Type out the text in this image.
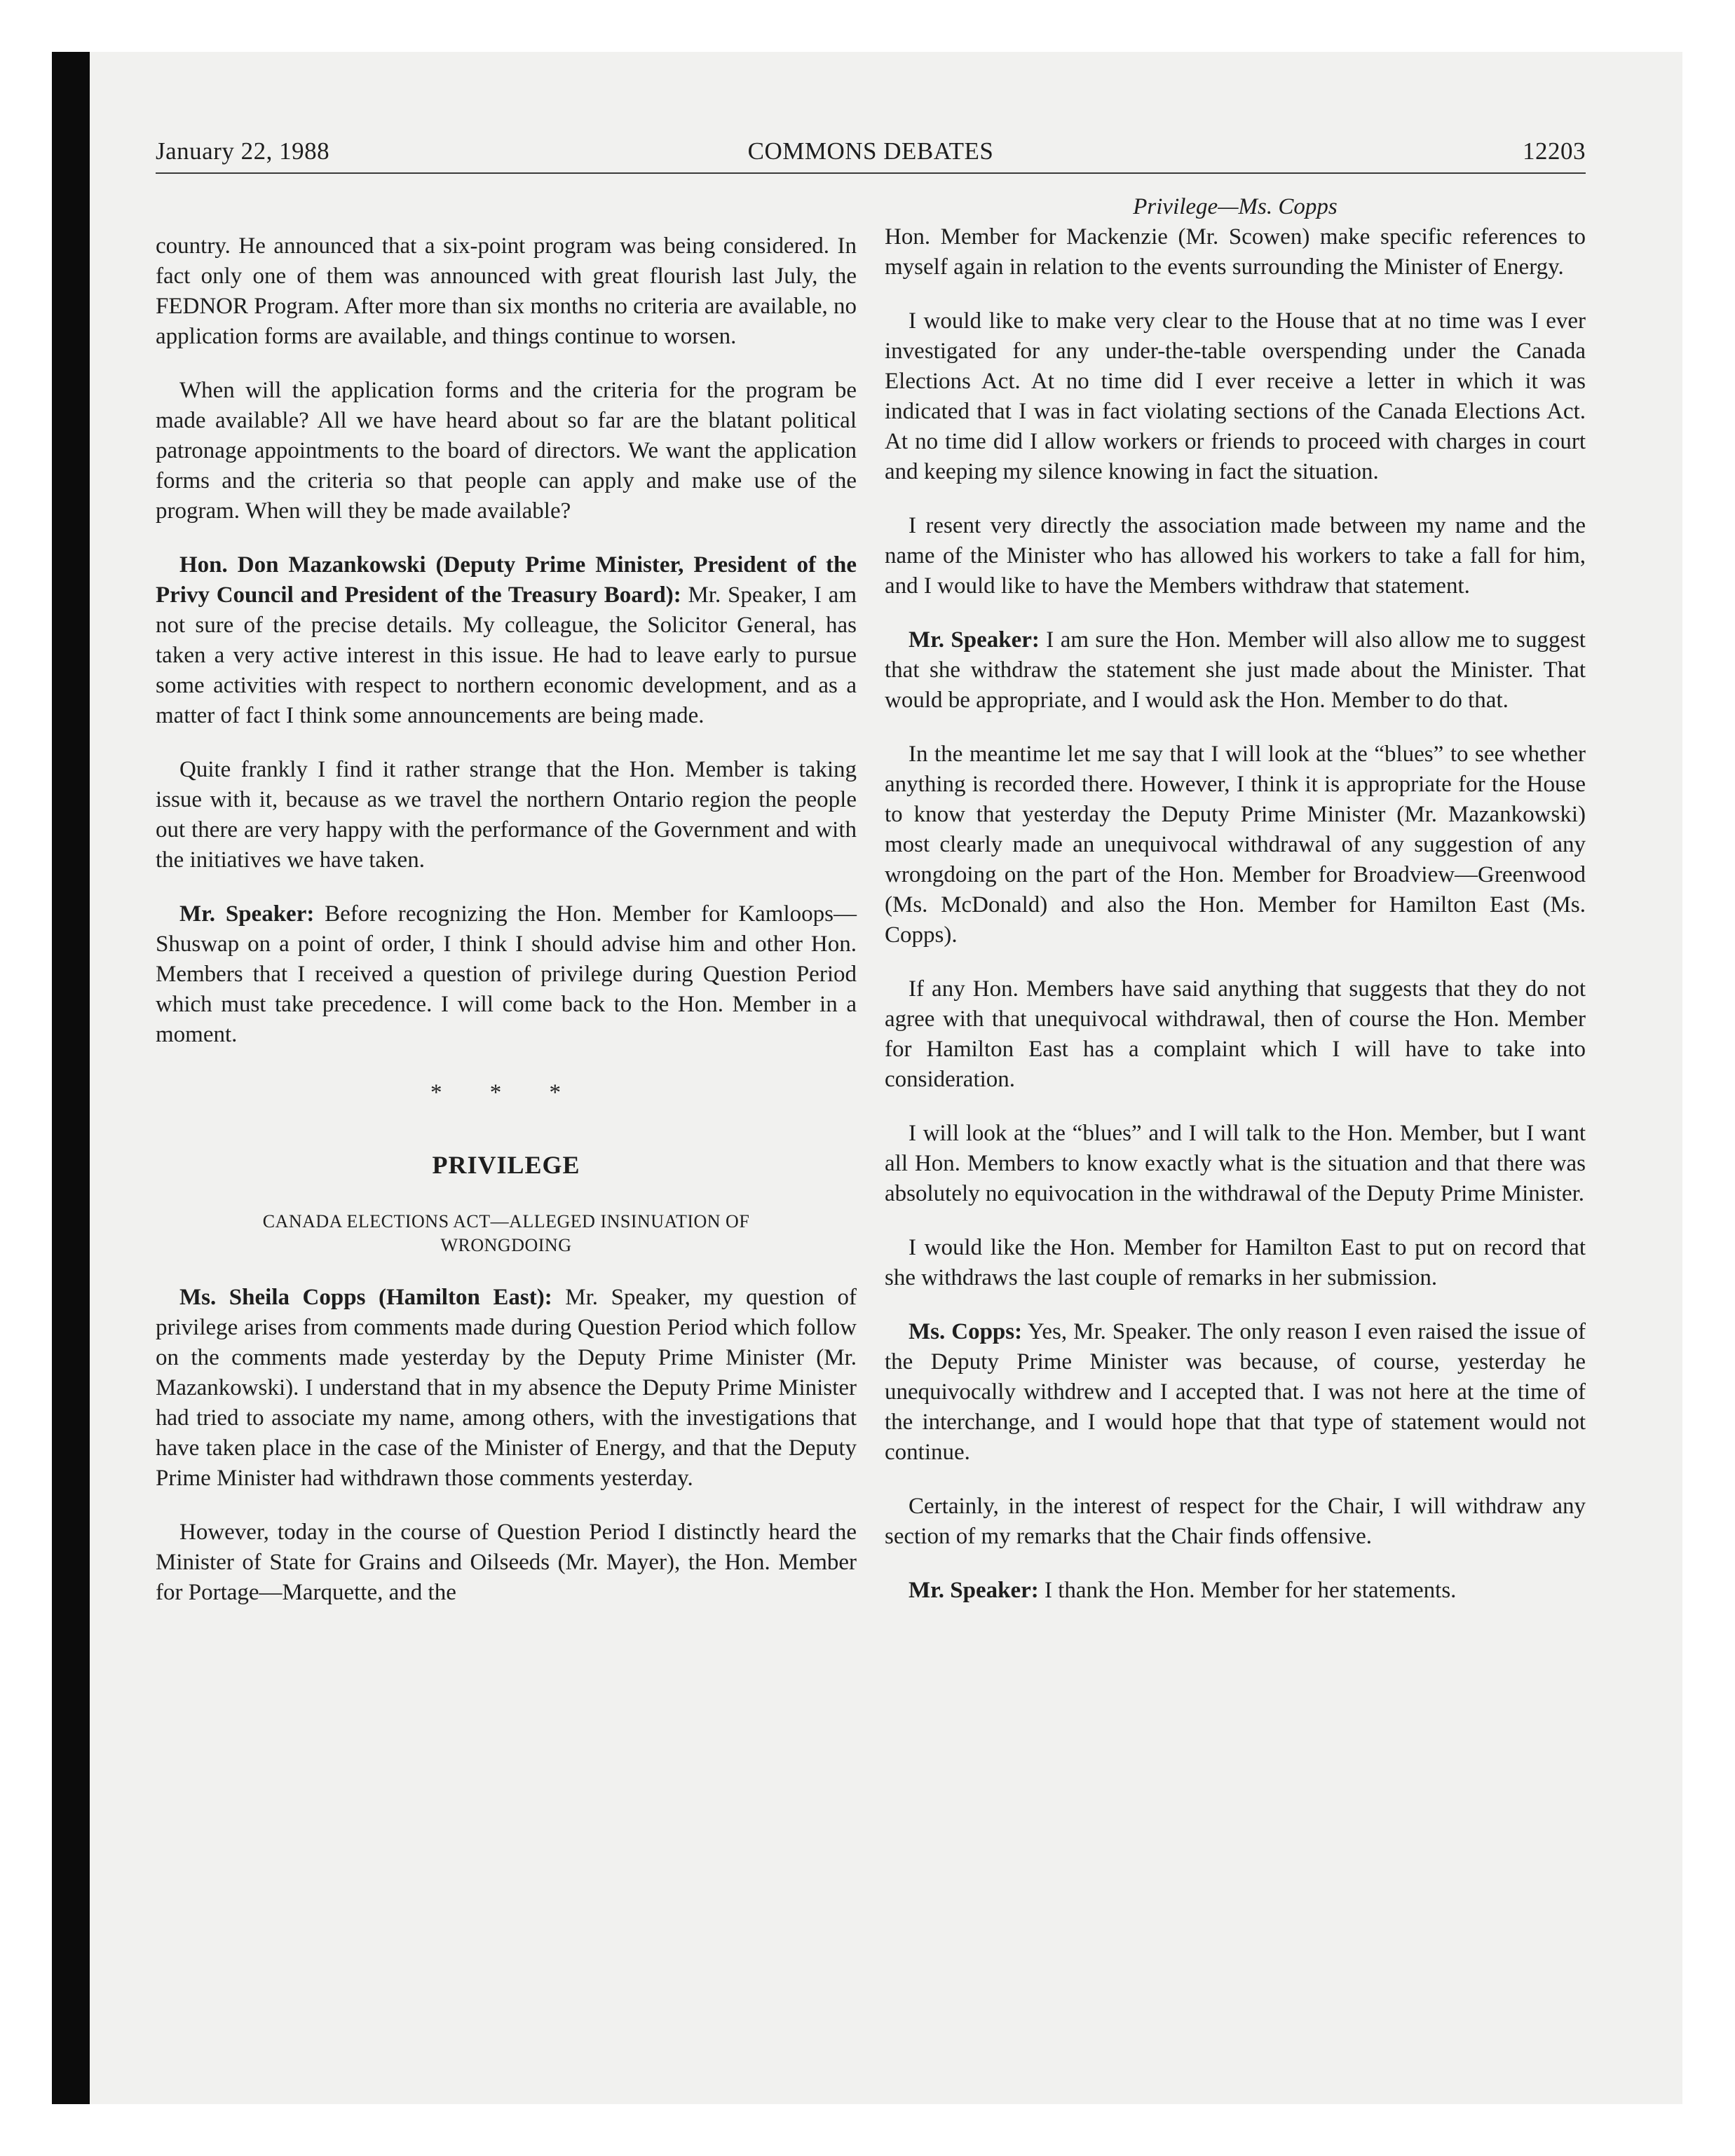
January 22, 1988	COMMONS DEBATES	12203

country. He announced that a six-point program was being considered. In fact only one of them was announced with great flourish last July, the FEDNOR Program. After more than six months no criteria are available, no application forms are available, and things continue to worsen.

When will the application forms and the criteria for the program be made available? All we have heard about so far are the blatant political patronage appointments to the board of directors. We want the application forms and the criteria so that people can apply and make use of the program. When will they be made available?

Hon. Don Mazankowski (Deputy Prime Minister, President of the Privy Council and President of the Treasury Board): Mr. Speaker, I am not sure of the precise details. My colleague, the Solicitor General, has taken a very active interest in this issue. He had to leave early to pursue some activities with respect to northern economic development, and as a matter of fact I think some announcements are being made.

Quite frankly I find it rather strange that the Hon. Member is taking issue with it, because as we travel the northern Ontario region the people out there are very happy with the performance of the Government and with the initiatives we have taken.

Mr. Speaker: Before recognizing the Hon. Member for Kamloops—Shuswap on a point of order, I think I should advise him and other Hon. Members that I received a question of privilege during Question Period which must take precedence. I will come back to the Hon. Member in a moment.

* * *
PRIVILEGE
CANADA ELECTIONS ACT—ALLEGED INSINUATION OF WRONGDOING

Ms. Sheila Copps (Hamilton East): Mr. Speaker, my question of privilege arises from comments made during Question Period which follow on the comments made yesterday by the Deputy Prime Minister (Mr. Mazankowski). I understand that in my absence the Deputy Prime Minister had tried to associate my name, among others, with the investigations that have taken place in the case of the Minister of Energy, and that the Deputy Prime Minister had withdrawn those comments yesterday.

However, today in the course of Question Period I distinctly heard the Minister of State for Grains and Oilseeds (Mr. Mayer), the Hon. Member for Portage—Marquette, and the

Privilege—Ms. Copps

Hon. Member for Mackenzie (Mr. Scowen) make specific references to myself again in relation to the events surrounding the Minister of Energy.

I would like to make very clear to the House that at no time was I ever investigated for any under-the-table overspending under the Canada Elections Act. At no time did I ever receive a letter in which it was indicated that I was in fact violating sections of the Canada Elections Act. At no time did I allow workers or friends to proceed with charges in court and keeping my silence knowing in fact the situation.

I resent very directly the association made between my name and the name of the Minister who has allowed his workers to take a fall for him, and I would like to have the Members withdraw that statement.

Mr. Speaker: I am sure the Hon. Member will also allow me to suggest that she withdraw the statement she just made about the Minister. That would be appropriate, and I would ask the Hon. Member to do that.

In the meantime let me say that I will look at the “blues” to see whether anything is recorded there. However, I think it is appropriate for the House to know that yesterday the Deputy Prime Minister (Mr. Mazankowski) most clearly made an unequivocal withdrawal of any suggestion of any wrongdoing on the part of the Hon. Member for Broadview—Greenwood (Ms. McDonald) and also the Hon. Member for Hamilton East (Ms. Copps).

If any Hon. Members have said anything that suggests that they do not agree with that unequivocal withdrawal, then of course the Hon. Member for Hamilton East has a complaint which I will have to take into consideration.

I will look at the “blues” and I will talk to the Hon. Member, but I want all Hon. Members to know exactly what is the situation and that there was absolutely no equivocation in the withdrawal of the Deputy Prime Minister.

I would like the Hon. Member for Hamilton East to put on record that she withdraws the last couple of remarks in her submission.

Ms. Copps: Yes, Mr. Speaker. The only reason I even raised the issue of the Deputy Prime Minister was because, of course, yesterday he unequivocally withdrew and I accepted that. I was not here at the time of the interchange, and I would hope that that type of statement would not continue.

Certainly, in the interest of respect for the Chair, I will withdraw any section of my remarks that the Chair finds offensive.

Mr. Speaker: I thank the Hon. Member for her statements.
